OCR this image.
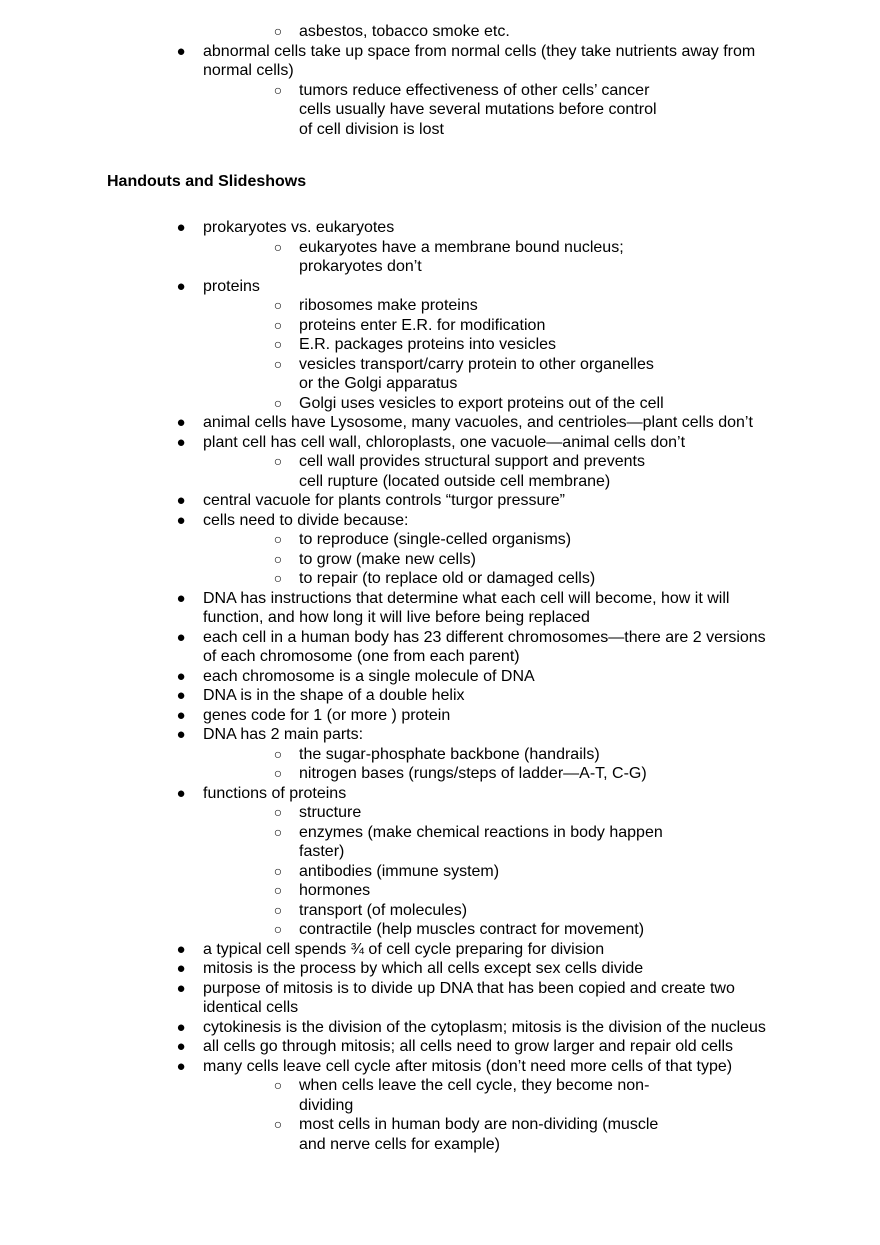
○ asbestos, tobacco smoke etc.
● abnormal cells take up space from normal cells (they take nutrients away from normal cells)
○ tumors reduce effectiveness of other cells’ cancer cells usually have several mutations before control of cell division is lost
Handouts and Slideshows
● prokaryotes vs. eukaryotes
○ eukaryotes have a membrane bound nucleus; prokaryotes don’t
● proteins
○ ribosomes make proteins
○ proteins enter E.R. for modification
○ E.R. packages proteins into vesicles
○ vesicles transport/carry protein to other organelles or the Golgi apparatus
○ Golgi uses vesicles to export proteins out of the cell
● animal cells have Lysosome, many vacuoles, and centrioles—plant cells don’t
● plant cell has cell wall, chloroplasts, one vacuole—animal cells don’t
○ cell wall provides structural support and prevents cell rupture (located outside cell membrane)
● central vacuole for plants controls “turgor pressure”
● cells need to divide because:
○ to reproduce (single-celled organisms)
○ to grow (make new cells)
○ to repair (to replace old or damaged cells)
● DNA has instructions that determine what each cell will become, how it will function, and how long it will live before being replaced
● each cell in a human body has 23 different chromosomes—there are 2 versions of each chromosome (one from each parent)
● each chromosome is a single molecule of DNA
● DNA is in the shape of a double helix
● genes code for 1 (or more ) protein
● DNA has 2 main parts:
○ the sugar-phosphate backbone (handrails)
○ nitrogen bases (rungs/steps of ladder—A-T, C-G)
● functions of proteins
○ structure
○ enzymes (make chemical reactions in body happen faster)
○ antibodies (immune system)
○ hormones
○ transport (of molecules)
○ contractile (help muscles contract for movement)
● a typical cell spends ¾ of cell cycle preparing for division
● mitosis is the process by which all cells except sex cells divide
● purpose of mitosis is to divide up DNA that has been copied and create two identical cells
● cytokinesis is the division of the cytoplasm; mitosis is the division of the nucleus
● all cells go through mitosis; all cells need to grow larger and repair old cells
● many cells leave cell cycle after mitosis (don’t need more cells of that type)
○ when cells leave the cell cycle, they become non-dividing
○ most cells in human body are non-dividing (muscle and nerve cells for example)
